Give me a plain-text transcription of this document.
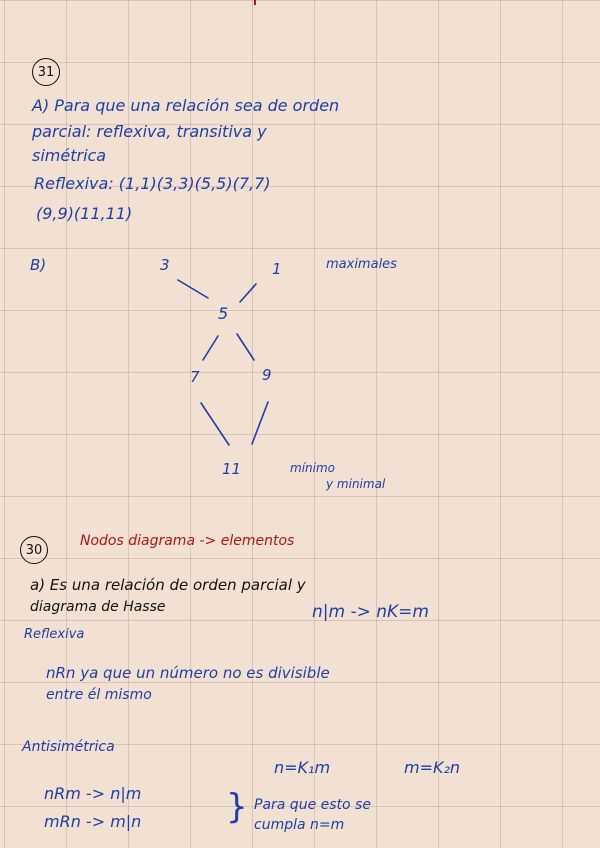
31
A) Para que una relación sea de orden
parcial: reflexiva, transitiva y
simétrica
Reflexiva: (1,1)(3,3)(5,5)(7,7)
(9,9)(11,11)
B)	3	1
5
7	9
11
maximales
mínimo
y minimal
30
Nodos diagrama -> elementos
a) Es una relación de orden parcial y
diagrama de Hasse	n|m -> nK=m
Reflexiva
nRn ya que un número no es divisible
entre él mismo
Antisimétrica
n=K₁m	m=K₂n
nRm -> n|m
mRn -> m|n } Para que esto se
cumpla n=m
